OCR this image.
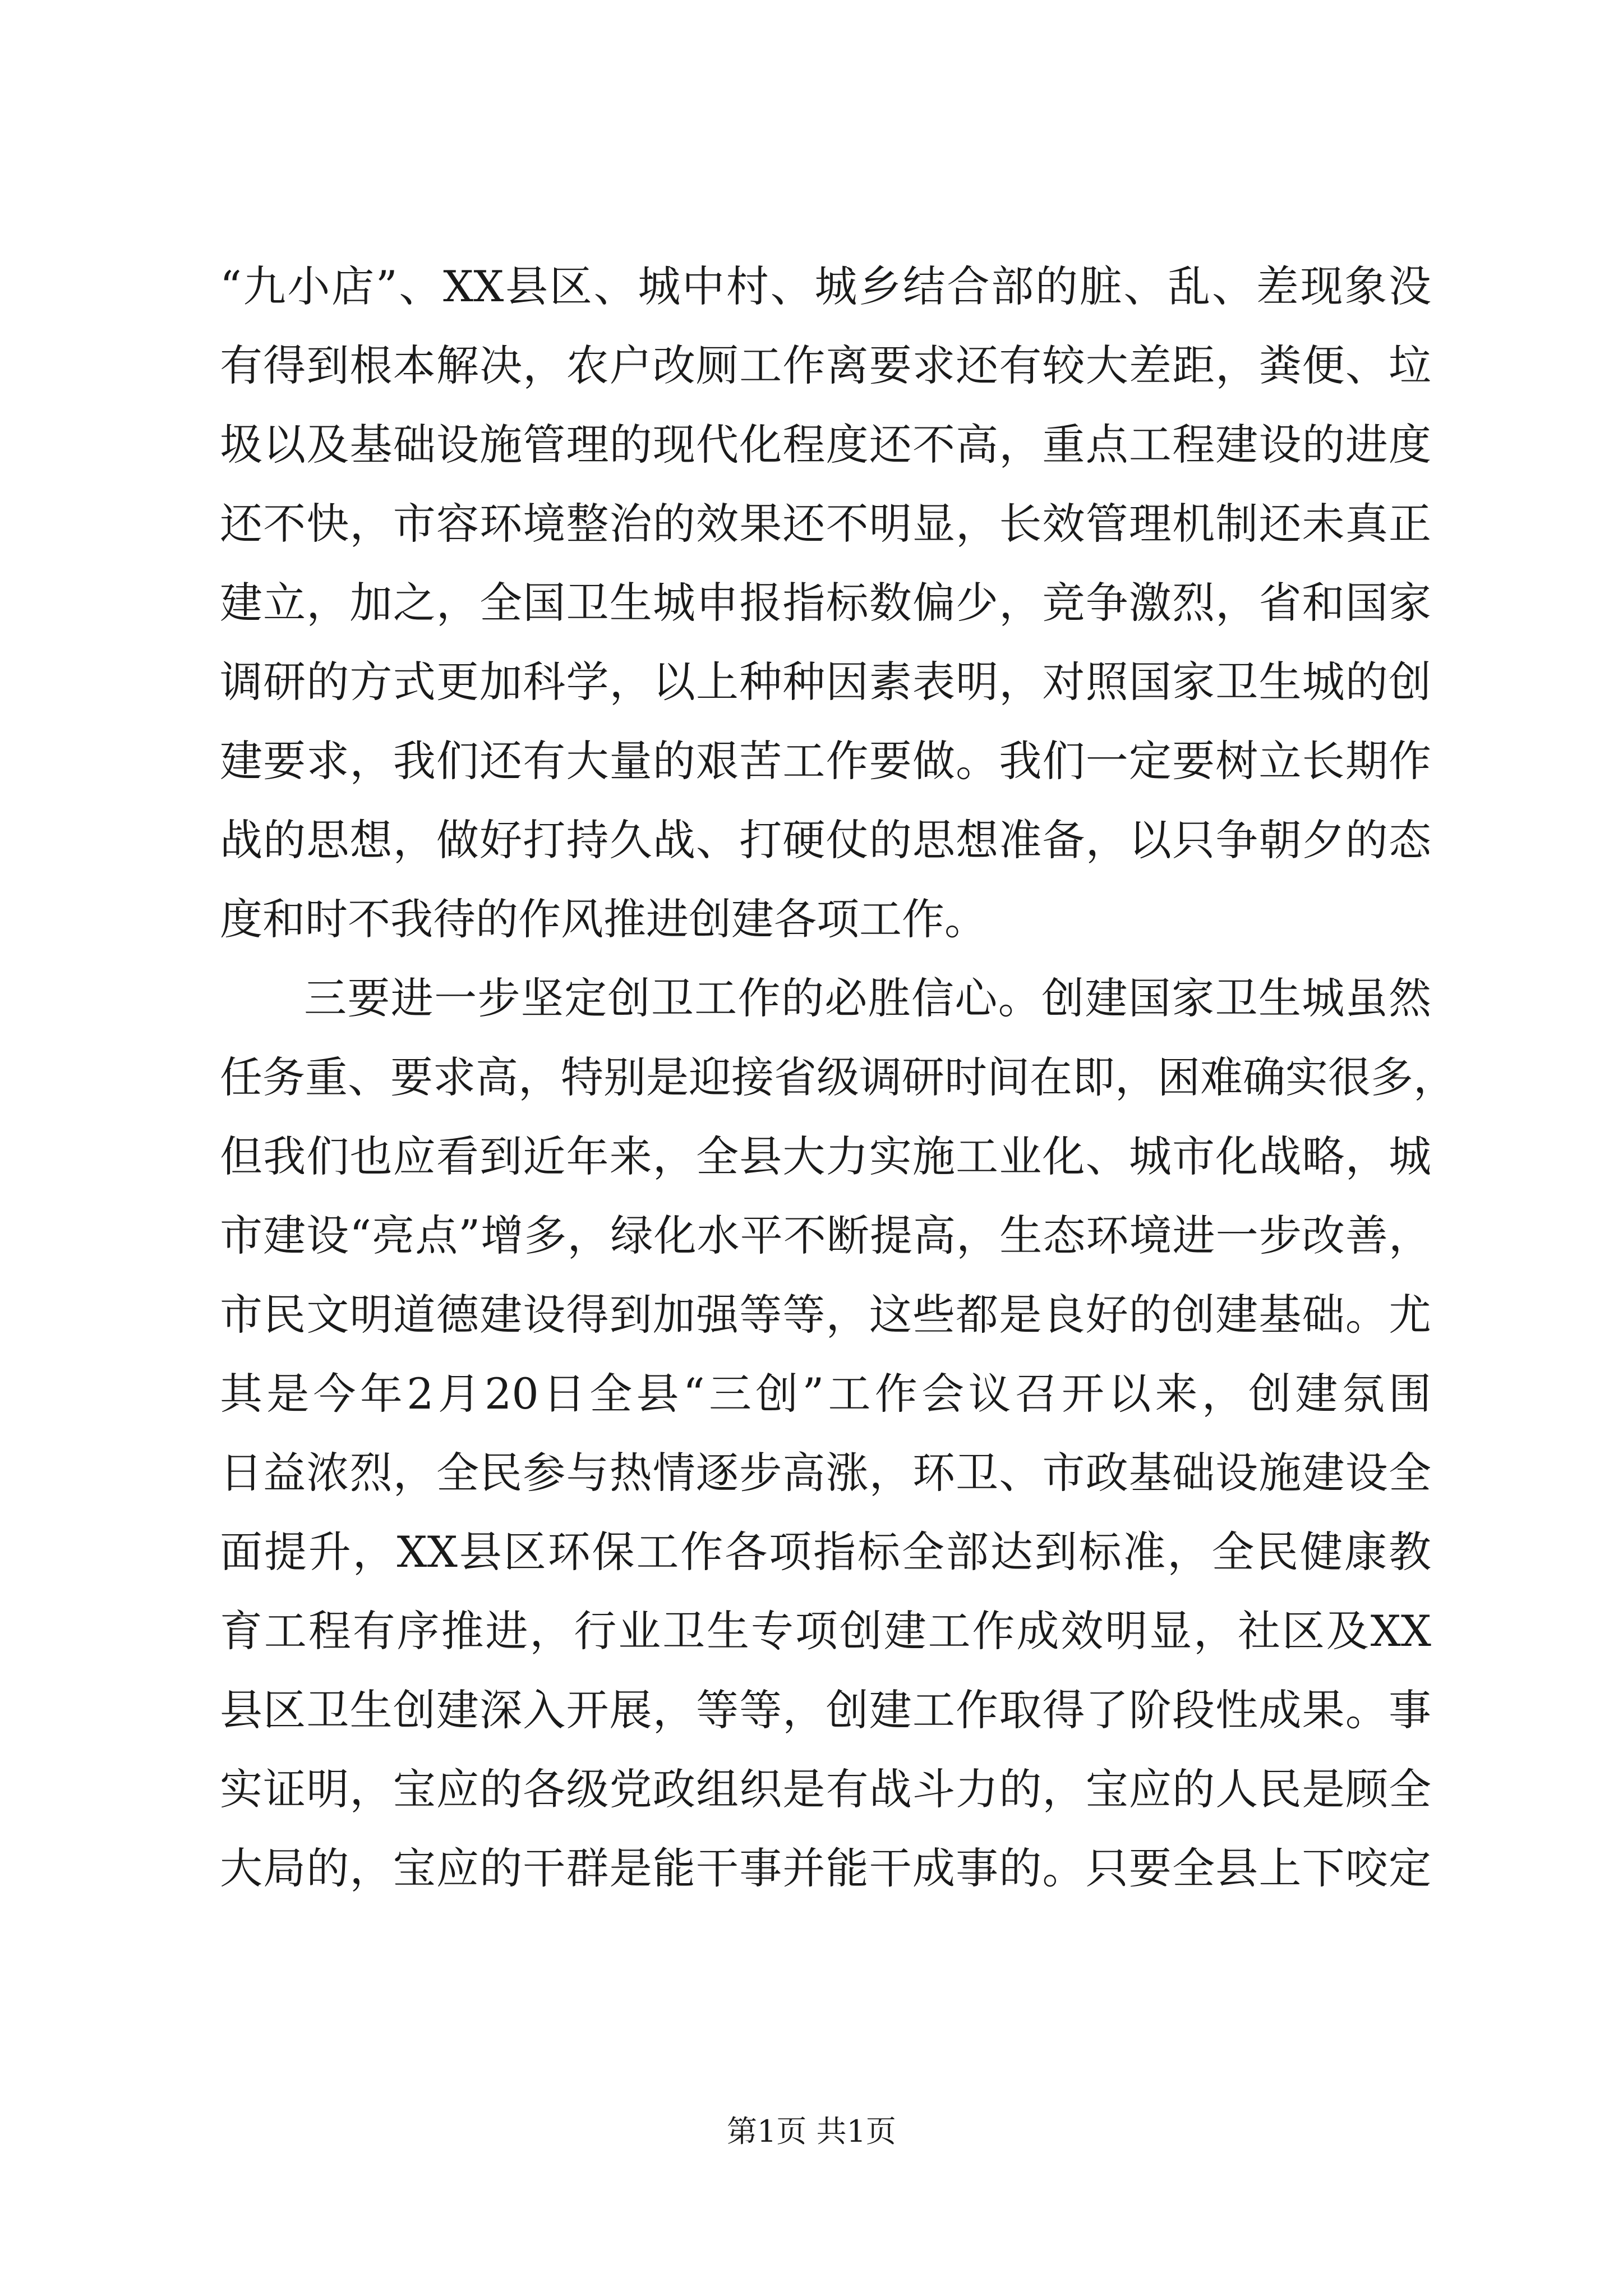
“九小店”、XX县区、城中村、城乡结合部的脏、乱、差现象没
有得到根本解决，农户改厕工作离要求还有较大差距，粪便、垃
圾以及基础设施管理的现代化程度还不高，重点工程建设的进度
还不快，市容环境整治的效果还不明显，长效管理机制还未真正
建立，加之，全国卫生城申报指标数偏少，竞争激烈，省和国家
调研的方式更加科学，以上种种因素表明，对照国家卫生城的创
建要求，我们还有大量的艰苦工作要做。我们一定要树立长期作
战的思想，做好打持久战、打硬仗的思想准备，以只争朝夕的态
度和时不我待的作风推进创建各项工作。
三要进一步坚定创卫工作的必胜信心。创建国家卫生城虽然
任务重、要求高，特别是迎接省级调研时间在即，困难确实很多，
但我们也应看到近年来，全县大力实施工业化、城市化战略，城
市建设“亮点”增多，绿化水平不断提高，生态环境进一步改善，
市民文明道德建设得到加强等等，这些都是良好的创建基础。尤
其是今年2月20日全县“三创”工作会议召开以来，创建氛围
日益浓烈，全民参与热情逐步高涨，环卫、市政基础设施建设全
面提升，XX县区环保工作各项指标全部达到标准，全民健康教
育工程有序推进，行业卫生专项创建工作成效明显，社区及XX
县区卫生创建深入开展，等等，创建工作取得了阶段性成果。事
实证明，宝应的各级党政组织是有战斗力的，宝应的人民是顾全
大局的，宝应的干群是能干事并能干成事的。只要全县上下咬定
第1页 共1页
